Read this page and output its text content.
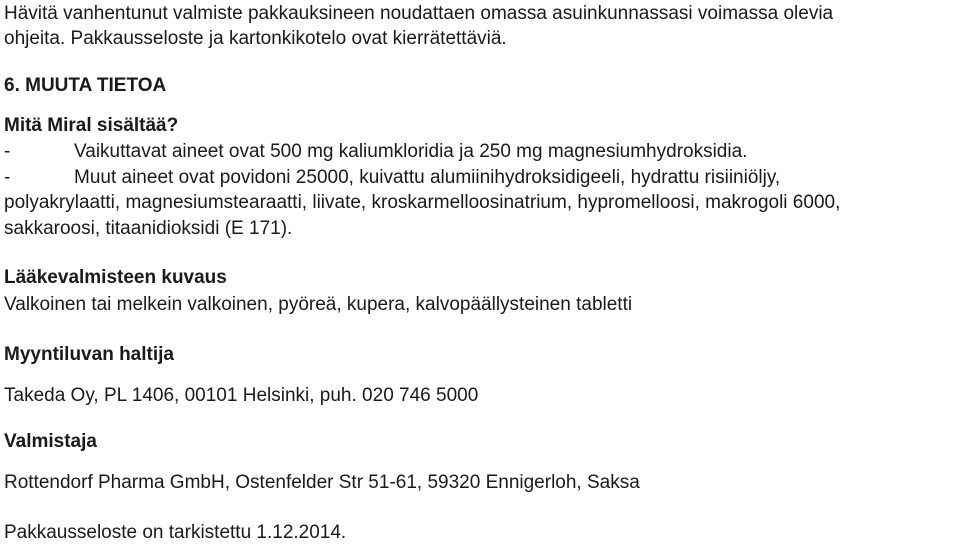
Hävitä vanhentunut valmiste pakkauksineen noudattaen omassa asuinkunnassasi voimassa olevia
ohjeita. Pakkausseloste ja kartonkikotelo ovat kierrätettäviä.
6. MUUTA TIETOA
Mitä Miral sisältää?
-	Vaikuttavat aineet ovat 500 mg kaliumkloridia ja 250 mg magnesiumhydroksidia.
-	Muut aineet ovat povidoni 25000, kuivattu alumiinihydroksidigeeli, hydrattu risiiniöljy,
polyakrylaatti, magnesiumstearaatti, liivate, kroskarmelloosinatrium, hypromelloosi, makrogoli 6000,
sakkaroosi, titaanidioksidi (E 171).
Lääkevalmisteen kuvaus
Valkoinen tai melkein valkoinen, pyöreä, kupera, kalvopäällysteinen tabletti
Myyntiluvan haltija
Takeda Oy, PL 1406, 00101 Helsinki, puh. 020 746 5000
Valmistaja
Rottendorf Pharma GmbH, Ostenfelder Str 51-61, 59320 Ennigerloh, Saksa
Pakkausseloste on tarkistettu 1.12.2014.
